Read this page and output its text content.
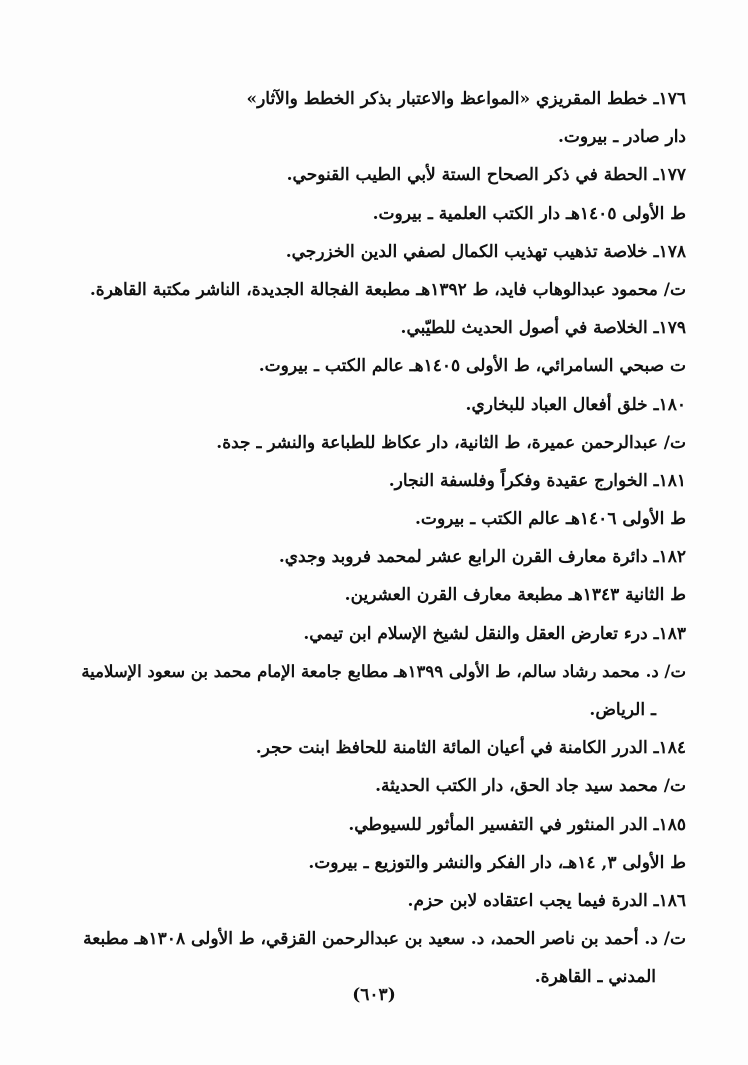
١٧٦ـ خطط المقريزي «المواعظ والاعتبار بذكر الخطط والآثار»
دار صادر ـ بيروت.
١٧٧ـ الحطة في ذكر الصحاح الستة لأبي الطيب القنوحي.
ط الأولى ١٤٠٥هـ دار الكتب العلمية ـ بيروت.
١٧٨ـ خلاصة تذهيب تهذيب الكمال لصفي الدين الخزرجي.
ت/ محمود عبدالوهاب فايد، ط ١٣٩٢هـ مطبعة الفجالة الجديدة، الناشر مكتبة القاهرة.
١٧٩ـ الخلاصة في أصول الحديث للطيّبي.
ت صبحي السامرائي، ط الأولى ١٤٠٥هـ عالم الكتب ـ بيروت.
١٨٠ـ خلق أفعال العباد للبخاري.
ت/ عبدالرحمن عميرة، ط الثانية، دار عكاظ للطباعة والنشر ـ جدة.
١٨١ـ الخوارج عقيدة وفكراً وفلسفة النجار.
ط الأولى ١٤٠٦هـ عالم الكتب ـ بيروت.
١٨٢ـ دائرة معارف القرن الرابع عشر لمحمد فروبد وجدي.
ط الثانية ١٣٤٣هـ مطبعة معارف القرن العشرين.
١٨٣ـ درء تعارض العقل والنقل لشيخ الإسلام ابن تيمي.
ت/ د. محمد رشاد سالم، ط الأولى ١٣٩٩هـ مطابع جامعة الإمام محمد بن سعود الإسلامية
ـ الرياض.
١٨٤ـ الدرر الكامنة في أعيان المائة الثامنة للحافظ ابنت حجر.
ت/ محمد سيد جاد الحق، دار الكتب الحديثة.
١٨٥ـ الدر المنثور في التفسير المأثور للسيوطي.
ط الأولى ٣, ١٤هـ، دار الفكر والنشر والتوزيع ـ بيروت.
١٨٦ـ الدرة فيما يجب اعتقاده لابن حزم.
ت/ د. أحمد بن ناصر الحمد، د. سعيد بن عبدالرحمن القزقي، ط الأولى ١٣٠٨هـ مطبعة
المدني ـ القاهرة.
(٦٠٣)
